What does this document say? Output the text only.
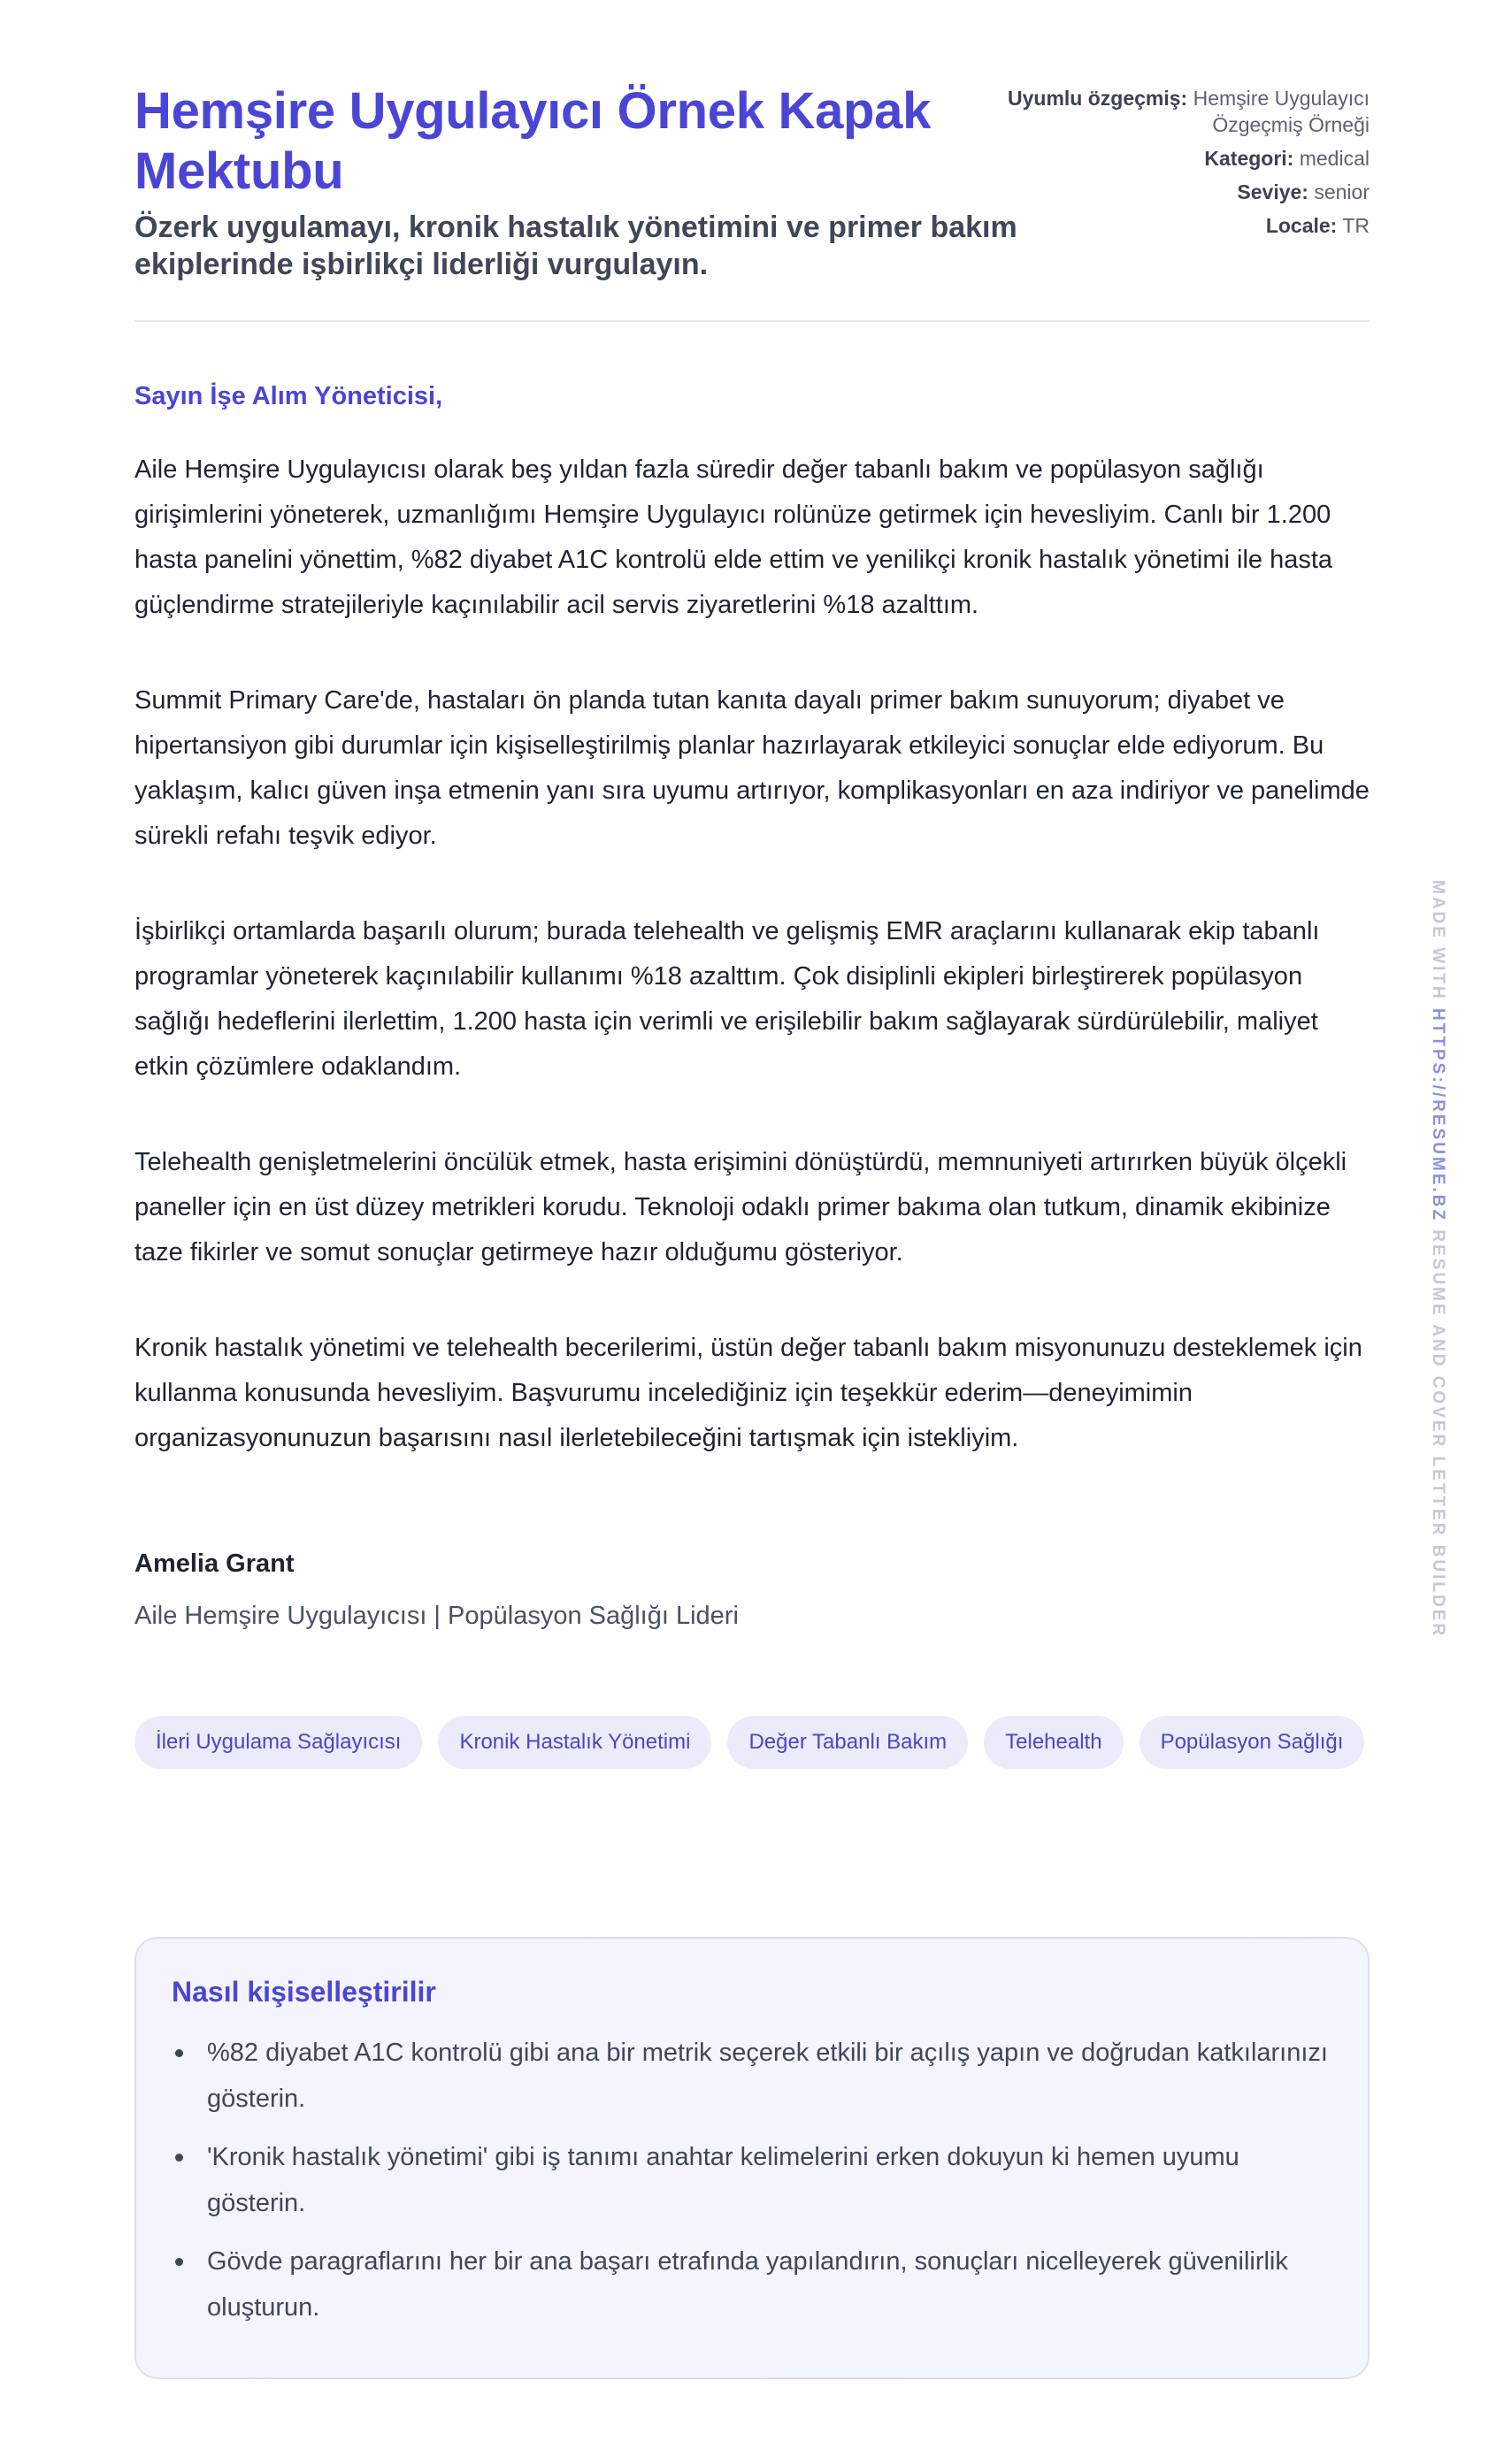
Hemşire Uygulayıcı Örnek Kapak Mektubu
Özerk uygulamayı, kronik hastalık yönetimini ve primer bakım ekiplerinde işbirlikçi liderliği vurgulayın.
Uyumlu özgeçmiş: Hemşire Uygulayıcı Özgeçmiş Örneği
Kategori: medical
Seviye: senior
Locale: TR
Sayın İşe Alım Yöneticisi,

Aile Hemşire Uygulayıcısı olarak beş yıldan fazla süredir değer tabanlı bakım ve popülasyon sağlığı girişimlerini yöneterek, uzmanlığımı Hemşire Uygulayıcı rolünüze getirmek için hevesliyim. Canlı bir 1.200 hasta panelini yönettim, %82 diyabet A1C kontrolü elde ettim ve yenilikçi kronik hastalık yönetimi ile hasta güçlendirme stratejileriyle kaçınılabilir acil servis ziyaretlerini %18 azalttım.

Summit Primary Care'de, hastaları ön planda tutan kanıta dayalı primer bakım sunuyorum; diyabet ve hipertansiyon gibi durumlar için kişiselleştirilmiş planlar hazırlayarak etkileyici sonuçlar elde ediyorum. Bu yaklaşım, kalıcı güven inşa etmenin yanı sıra uyumu artırıyor, komplikasyonları en aza indiriyor ve panelimde sürekli refahı teşvik ediyor.

İşbirlikçi ortamlarda başarılı olurum; burada telehealth ve gelişmiş EMR araçlarını kullanarak ekip tabanlı programlar yöneterek kaçınılabilir kullanımı %18 azalttım. Çok disiplinli ekipleri birleştirerek popülasyon sağlığı hedeflerini ilerlettim, 1.200 hasta için verimli ve erişilebilir bakım sağlayarak sürdürülebilir, maliyet etkin çözümlere odaklandım.

Telehealth genişletmelerini öncülük etmek, hasta erişimini dönüştürdü, memnuniyeti artırırken büyük ölçekli paneller için en üst düzey metrikleri korudu. Teknoloji odaklı primer bakıma olan tutkum, dinamik ekibinize taze fikirler ve somut sonuçlar getirmeye hazır olduğumu gösteriyor.

Kronik hastalık yönetimi ve telehealth becerilerimi, üstün değer tabanlı bakım misyonunuzu desteklemek için kullanma konusunda hevesliyim. Başvurumu incelediğiniz için teşekkür ederim—deneyimimin organizasyonunuzun başarısını nasıl ilerletebileceğini tartışmak için istekliyim.

Amelia Grant
Aile Hemşire Uygulayıcısı | Popülasyon Sağlığı Lideri
İleri Uygulama Sağlayıcısı	Kronik Hastalık Yönetimi	Değer Tabanlı Bakım	Telehealth	Popülasyon Sağlığı
Nasıl kişiselleştirilir
%82 diyabet A1C kontrolü gibi ana bir metrik seçerek etkili bir açılış yapın ve doğrudan katkılarınızı gösterin.
'Kronik hastalık yönetimi' gibi iş tanımı anahtar kelimelerini erken dokuyun ki hemen uyumu gösterin.
Gövde paragraflarını her bir ana başarı etrafında yapılandırın, sonuçları nicelleyerek güvenilirlik oluşturun.
MADE WITH HTTPS://RESUME.BZ RESUME AND COVER LETTER BUILDER
